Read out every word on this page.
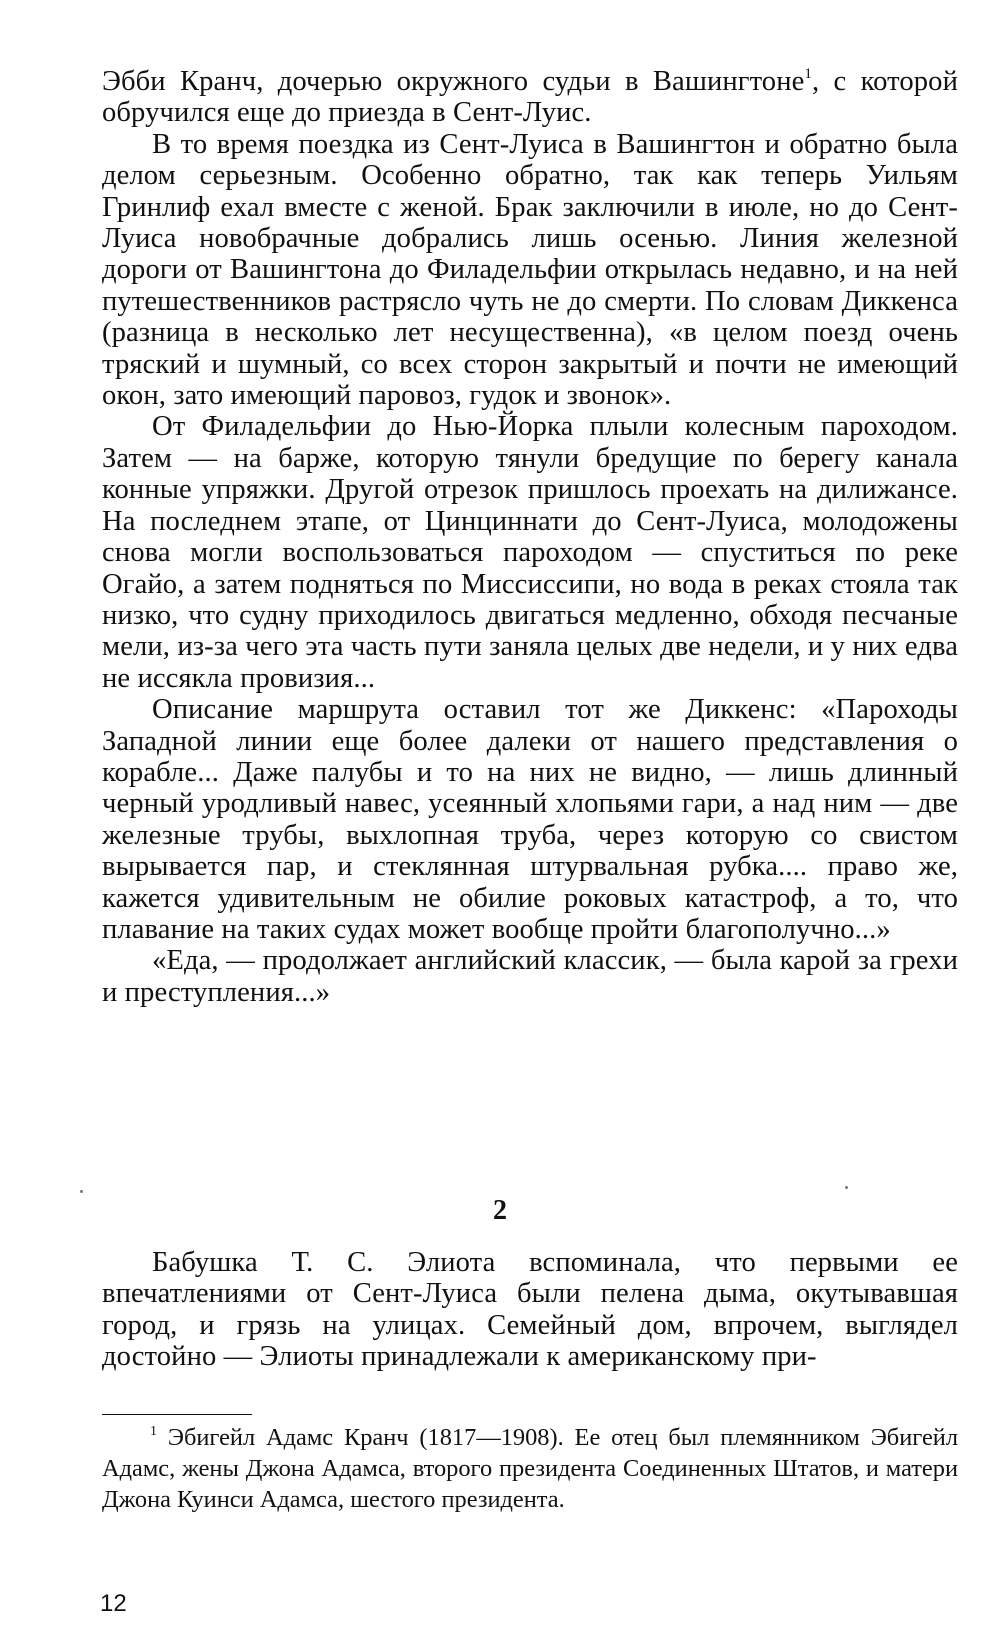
Эбби Кранч, дочерью окружного судьи в Вашингтоне$^1$, с которой обручился еще до приезда в Сент-Луис.

В то время поездка из Сент-Луиса в Вашингтон и обратно была делом серьезным. Особенно обратно, так как теперь Уильям Гринлиф ехал вместе с женой. Брак заключили в июле, но до Сент-Луиса новобрачные добрались лишь осенью. Линия железной дороги от Вашингтона до Филадельфии открылась недавно, и на ней путешественников растрясло чуть не до смерти. По словам Диккенса (разница в несколько лет несущественна), «в целом поезд очень тряский и шумный, со всех сторон закрытый и почти не имеющий окон, зато имеющий паровоз, гудок и звонок».

От Филадельфии до Нью-Йорка плыли колесным пароходом. Затем — на барже, которую тянули бредущие по берегу канала конные упряжки. Другой отрезок пришлось проехать на дилижансе. На последнем этапе, от Цинциннати до Сент-Луиса, молодожены снова могли воспользоваться пароходом — спуститься по реке Огайо, а затем подняться по Миссиссипи, но вода в реках стояла так низко, что судну приходилось двигаться медленно, обходя песчаные мели, из-за чего эта часть пути заняла целых две недели, и у них едва не иссякла провизия...

Описание маршрута оставил тот же Диккенс: «Пароходы Западной линии еще более далеки от нашего представления о корабле... Даже палубы и то на них не видно, — лишь длинный черный уродливый навес, усеянный хлопьями гари, а над ним — две железные трубы, выхлопная труба, через которую со свистом вырывается пар, и стеклянная штурвальная рубка.... право же, кажется удивительным не обилие роковых катастроф, а то, что плавание на таких судах может вообще пройти благополучно...»

«Еда, — продолжает английский классик, — была карой за грехи и преступления...»

2

Бабушка Т. С. Элиота вспоминала, что первыми ее впечатлениями от Сент-Луиса были пелена дыма, окутывавшая город, и грязь на улицах. Семейный дом, впрочем, выглядел достойно — Элиоты принадлежали к американскому при-

$^1$ Эбигейл Адамс Кранч (1817—1908). Ее отец был племянником Эбигейл Адамс, жены Джона Адамса, второго президента Соединенных Штатов, и матери Джона Куинси Адамса, шестого президента.
12
